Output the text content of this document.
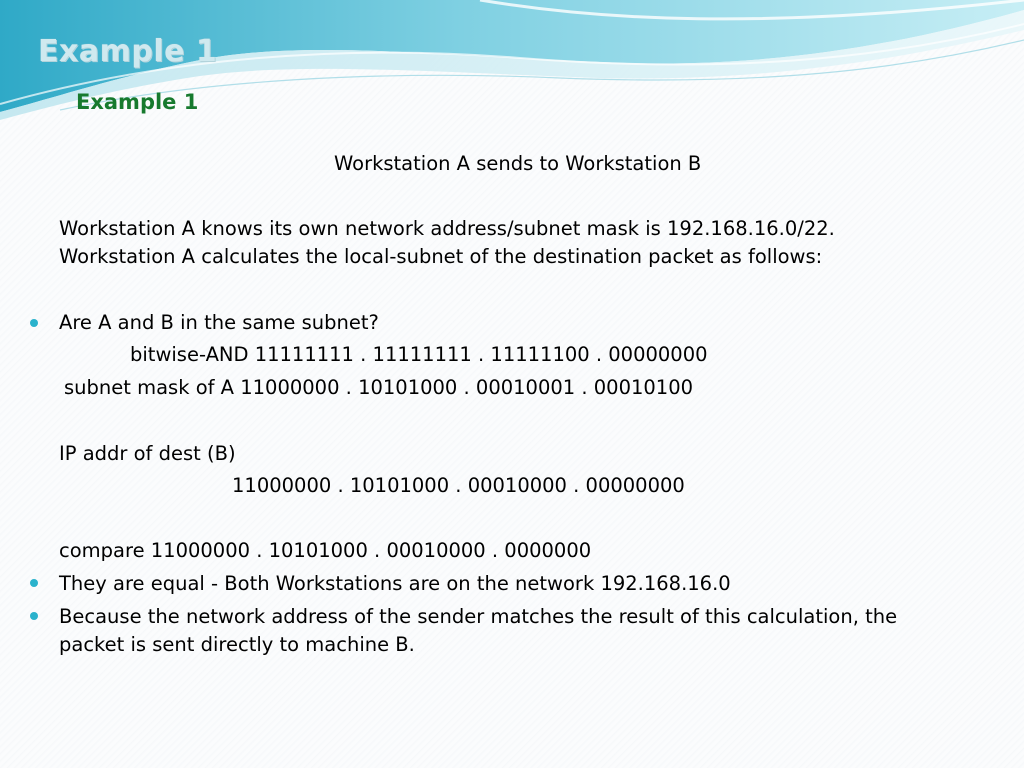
Example 1
Example 1
Workstation A sends to Workstation B
Workstation A knows its own network address/subnet mask is 192.168.16.0/22.
Workstation A calculates the local-subnet of the destination packet as follows:
Are A and B in the same subnet?
bitwise-AND 11111111 . 11111111 . 11111100 . 00000000
subnet mask of A 11000000 . 10101000 . 00010001 . 00010100
IP addr of dest (B)
11000000 . 10101000 . 00010000 . 00000000
compare 11000000 . 10101000 . 00010000 . 0000000
They are equal - Both Workstations are on the network 192.168.16.0
Because the network address of the sender matches the result of this calculation, the
packet is sent directly to machine B.
